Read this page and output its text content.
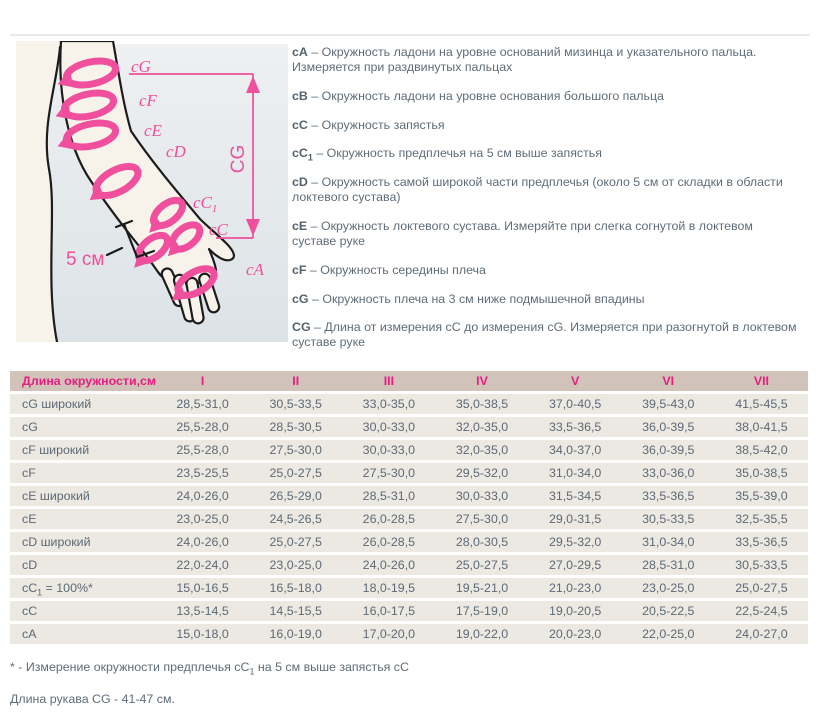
CG
cG
cF
cE
cD
$cC_1$
cC
cA
5 см
cA – Окружность ладони на уровне оснований мизинца и указательного пальца. Измеряется при раздвинутых пальцах
cB – Окружность ладони на уровне основания большого пальца
cC – Окружность запястья
$cC_1$ – Окружность предплечья на 5 см выше запястья
cD – Окружность самой широкой части предплечья (около 5 см от складки в области локтевого сустава)
cE – Окружность локтевого сустава. Измеряйте при слегка согнутой в локтевом суставе руке
cF – Окружность середины плеча
cG – Окружность плеча на 3 см ниже подмышечной впадины
CG – Длина от измерения cC до измерения cG. Измеряется при разогнутой в локтевом суставе руке
Длина окружности,см	I	II	III	IV	V	VI	VII
cG широкий	28,5-31,0	30,5-33,5	33,0-35,0	35,0-38,5	37,0-40,5	39,5-43,0	41,5-45,5
cG	25,5-28,0	28,5-30,5	30,0-33,0	32,0-35,0	33,5-36,5	36,0-39,5	38,0-41,5
cF широкий	25,5-28,0	27,5-30,0	30,0-33,0	32,0-35,0	34,0-37,0	36,0-39,5	38,5-42,0
cF	23,5-25,5	25,0-27,5	27,5-30,0	29,5-32,0	31,0-34,0	33,0-36,0	35,0-38,5
cE широкий	24,0-26,0	26,5-29,0	28,5-31,0	30,0-33,0	31,5-34,5	33,5-36,5	35,5-39,0
cE	23,0-25,0	24,5-26,5	26,0-28,5	27,5-30,0	29,0-31,5	30,5-33,5	32,5-35,5
cD широкий	24,0-26,0	25,0-27,5	26,0-28,5	28,0-30,5	29,5-32,0	31,0-34,0	33,5-36,5
cD	22,0-24,0	23,0-25,0	24,0-26,0	25,0-27,5	27,0-29,5	28,5-31,0	30,5-33,5
$cC_1 = 100\%*$	15,0-16,5	16,5-18,0	18,0-19,5	19,5-21,0	21,0-23,0	23,0-25,0	25,0-27,5
cC	13,5-14,5	14,5-15,5	16,0-17,5	17,5-19,0	19,0-20,5	20,5-22,5	22,5-24,5
cA	15,0-18,0	16,0-19,0	17,0-20,0	19,0-22,0	20,0-23,0	22,0-25,0	24,0-27,0
* - Измерение окружности предплечья $cC_1$ на 5 см выше запястья cC
Длина рукава CG - 41-47 см.
